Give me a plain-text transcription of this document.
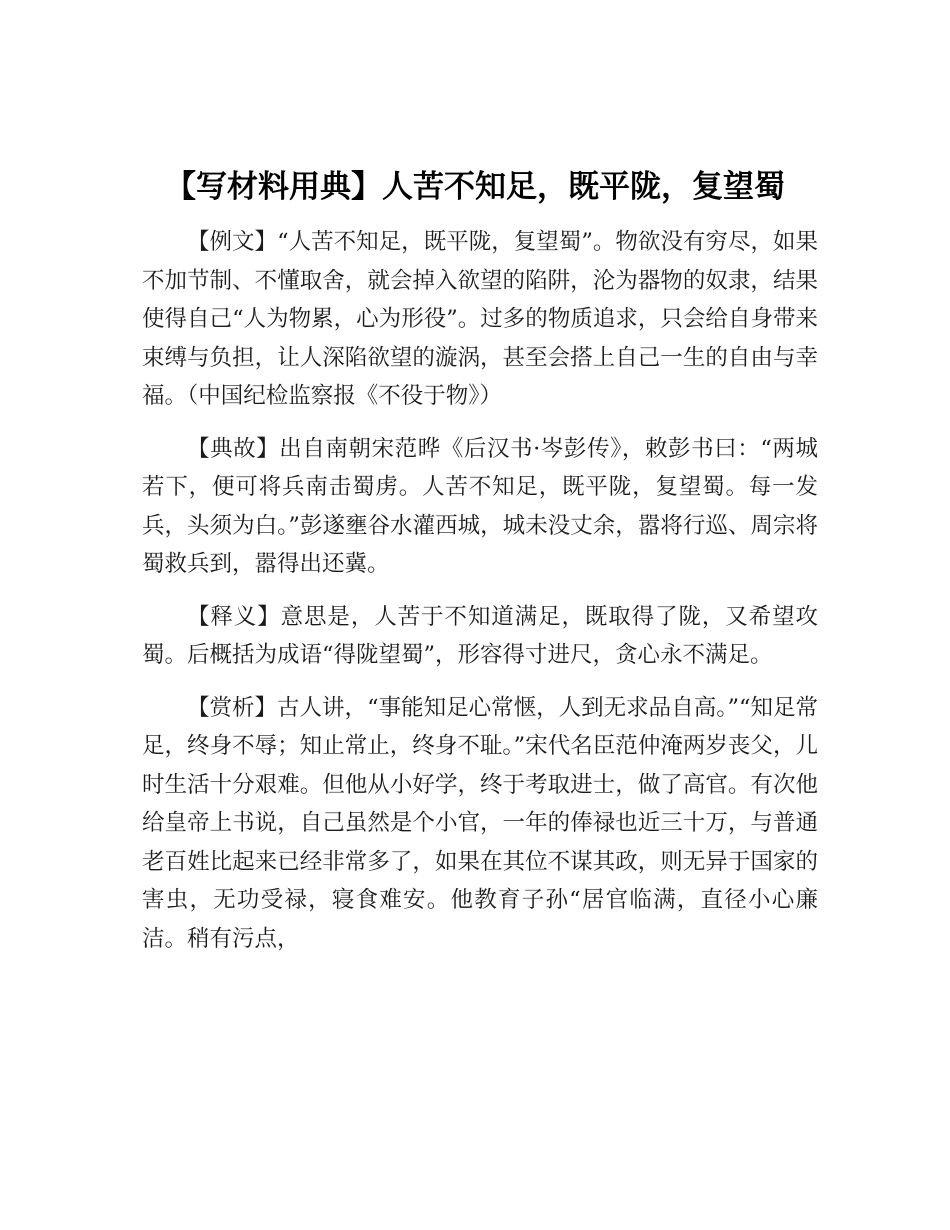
【写材料用典】人苦不知足，既平陇，复望蜀

【例文】“人苦不知足，既平陇，复望蜀”。物欲没有穷尽，如果不加节制、不懂取舍，就会掉入欲望的陷阱，沦为器物的奴隶，结果使得自己“人为物累，心为形役”。过多的物质追求，只会给自身带来束缚与负担，让人深陷欲望的漩涡，甚至会搭上自己一生的自由与幸福。（中国纪检监察报《不役于物》）

【典故】出自南朝宋范晔《后汉书·岑彭传》，敕彭书曰：“两城若下，便可将兵南击蜀虏。人苦不知足，既平陇，复望蜀。每一发兵，头须为白。”彭遂壅谷水灌西城，城未没丈余，嚣将行巡、周宗将蜀救兵到，嚣得出还冀。

【释义】意思是，人苦于不知道满足，既取得了陇，又希望攻蜀。后概括为成语“得陇望蜀”，形容得寸进尺，贪心永不满足。

【赏析】古人讲，“事能知足心常惬，人到无求品自高。”“知足常足，终身不辱；知止常止，终身不耻。”宋代名臣范仲淹两岁丧父，儿时生活十分艰难。但他从小好学，终于考取进士，做了高官。有次他给皇帝上书说，自己虽然是个小官，一年的俸禄也近三十万，与普通老百姓比起来已经非常多了，如果在其位不谋其政，则无异于国家的害虫，无功受禄，寝食难安。他教育子孙“居官临满，直径小心廉洁。稍有污点，
